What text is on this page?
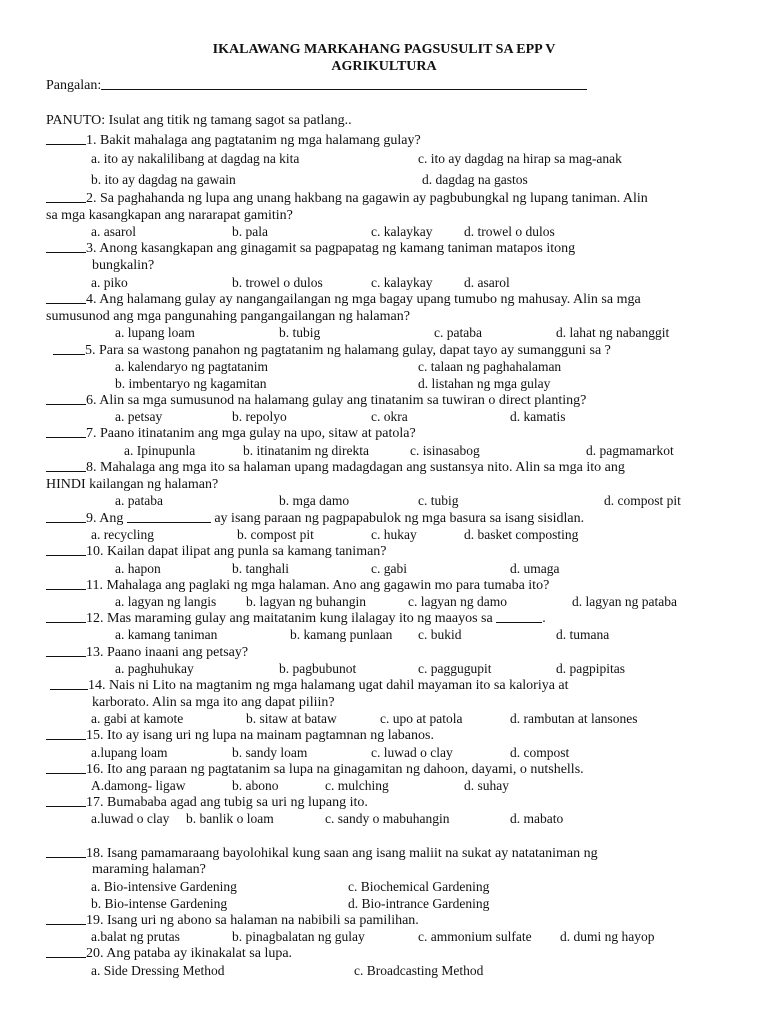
IKALAWANG MARKAHANG PAGSUSULIT SA EPP V
AGRIKULTURA
Pangalan:
PANUTO: Isulat ang titik ng tamang sagot sa patlang..
1. Bakit mahalaga ang pagtatanim ng mga halamang gulay?
a. ito ay nakalilibang at dagdag na kita	c. ito ay dagdag na hirap sa mag-anak
b. ito ay dagdag na gawain	d. dagdag na gastos
2. Sa paghahanda ng lupa ang unang hakbang na gagawin ay pagbubungkal ng lupang taniman. Alin
sa mga kasangkapan ang nararapat gamitin?
a. asarol	b. pala	c. kalaykay d. trowel o dulos
3. Anong kasangkapan ang ginagamit sa pagpapatag ng kamang taniman matapos itong
bungkalin?
a. piko	b. trowel o dulos	c. kalaykay d. asarol
4. Ang halamang gulay ay nangangailangan ng mga bagay upang tumubo ng mahusay. Alin sa mga
sumusunod ang mga pangunahing pangangailangan ng halaman?
a. lupang loam	b. tubig	c. pataba	d. lahat ng nabanggit
5. Para sa wastong panahon ng pagtatanim ng halamang gulay, dapat tayo ay sumangguni sa ?
a. kalendaryo ng pagtatanim	c. talaan ng paghahalaman
b. imbentaryo ng kagamitan	d. listahan ng mga gulay
6. Alin sa mga sumusunod na halamang gulay ang tinatanim sa tuwiran o direct planting?
a. petsay	b. repolyo	c. okra	d. kamatis
7. Paano itinatanim ang mga gulay na upo, sitaw at patola?
a. Ipinupunla	b. itinatanim ng direkta	c. isinasabog	d. pagmamarkot
8. Mahalaga ang mga ito sa halaman upang madagdagan ang sustansya nito. Alin sa mga ito ang
HINDI kailangan ng halaman?
a. pataba	b. mga damo	c. tubig	d. compost pit
9. Ang	ay isang paraan ng pagpapabulok ng mga basura sa isang sisidlan.
a. recycling	b. compost pit	c. hukay	d. basket composting
10. Kailan dapat ilipat ang punla sa kamang taniman?
a. hapon	b. tanghali	c. gabi	d. umaga
11. Mahalaga ang paglaki ng mga halaman. Ano ang gagawin mo para tumaba ito?
a. lagyan ng langis b. lagyan ng buhangin	c. lagyan ng damo	d. lagyan ng pataba
12. Mas maraming gulay ang maitatanim kung ilalagay ito ng maayos sa	.
a. kamang taniman	b. kamang punlaan c. bukid	d. tumana
13. Paano inaani ang petsay?
a. paghuhukay	b. pagbubunot	c. paggugupit	d. pagpipitas
14. Nais ni Lito na magtanim ng mga halamang ugat dahil mayaman ito sa kaloriya at
karborato. Alin sa mga ito ang dapat piliin?
a. gabi at kamote	b. sitaw at bataw	c. upo at patola	d. rambutan at lansones
15. Ito ay isang uri ng lupa na mainam pagtamnan ng labanos.
a.lupang loam	b. sandy loam	c. luwad o clay	d. compost
16. Ito ang paraan ng pagtatanim sa lupa na ginagamitan ng dahoon, dayami, o nutshells.
A.damong- ligaw	b. abono	c. mulching	d. suhay
17. Bumababa agad ang tubig sa uri ng lupang ito.
a.luwad o clay b. banlik o loam	c. sandy o mabuhangin	d. mabato
18. Isang pamamaraang bayolohikal kung saan ang isang maliit na sukat ay natataniman ng
maraming halaman?
a. Bio-intensive Gardening	c. Biochemical Gardening
b. Bio-intense Gardening	d. Bio-intrance Gardening
19. Isang uri ng abono sa halaman na nabibili sa pamilihan.
a.balat ng prutas	b. pinagbalatan ng gulay	c. ammonium sulfate d. dumi ng hayop
20. Ang pataba ay ikinakalat sa lupa.
a. Side Dressing Method	c. Broadcasting Method
